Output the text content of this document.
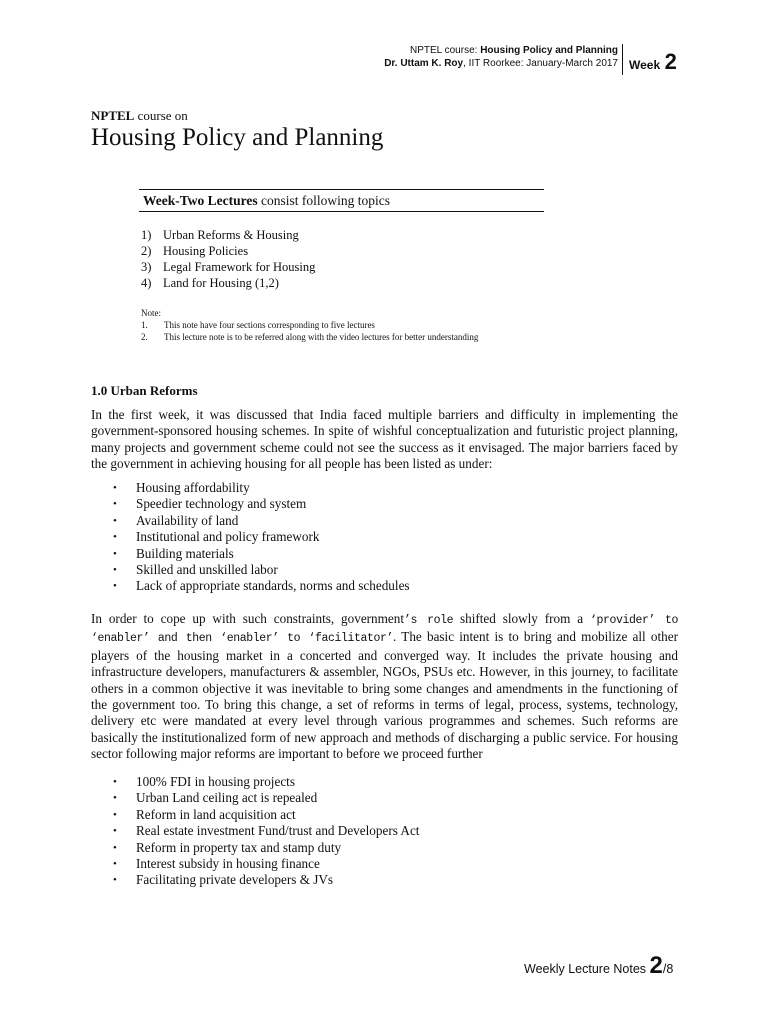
NPTEL course: Housing Policy and Planning
Dr. Uttam K. Roy, IIT Roorkee: January-March 2017 Week 2
NPTEL course on
Housing Policy and Planning
Week-Two Lectures consist following topics
1) Urban Reforms & Housing
2) Housing Policies
3) Legal Framework for Housing
4) Land for Housing (1,2)
Note:
1. This note have four sections corresponding to five lectures
2. This lecture note is to be referred along with the video lectures for better understanding
1.0 Urban Reforms

In the first week, it was discussed that India faced multiple barriers and difficulty in implementing the government-sponsored housing schemes. In spite of wishful conceptualization and futuristic project planning, many projects and government scheme could not see the success as it envisaged. The major barriers faced by the government in achieving housing for all people has been listed as under:

• Housing affordability
• Speedier technology and system
• Availability of land
• Institutional and policy framework
• Building materials
• Skilled and unskilled labor
• Lack of appropriate standards, norms and schedules

In order to cope up with such constraints, government’s role shifted slowly from a ‘provider’ to ‘enabler’ and then ‘enabler’ to ‘facilitator’. The basic intent is to bring and mobilize all other players of the housing market in a concerted and converged way. It includes the private housing and infrastructure developers, manufacturers & assembler, NGOs, PSUs etc. However, in this journey, to facilitate others in a common objective it was inevitable to bring some changes and amendments in the functioning of the government too. To bring this change, a set of reforms in terms of legal, process, systems, technology, delivery etc were mandated at every level through various programmes and schemes. Such reforms are basically the institutionalized form of new approach and methods of discharging a public service. For housing sector following major reforms are important to before we proceed further

• 100% FDI in housing projects
• Urban Land ceiling act is repealed
• Reform in land acquisition act
• Real estate investment Fund/trust and Developers Act
• Reform in property tax and stamp duty
• Interest subsidy in housing finance
• Facilitating private developers & JVs
Weekly Lecture Notes 2/8
